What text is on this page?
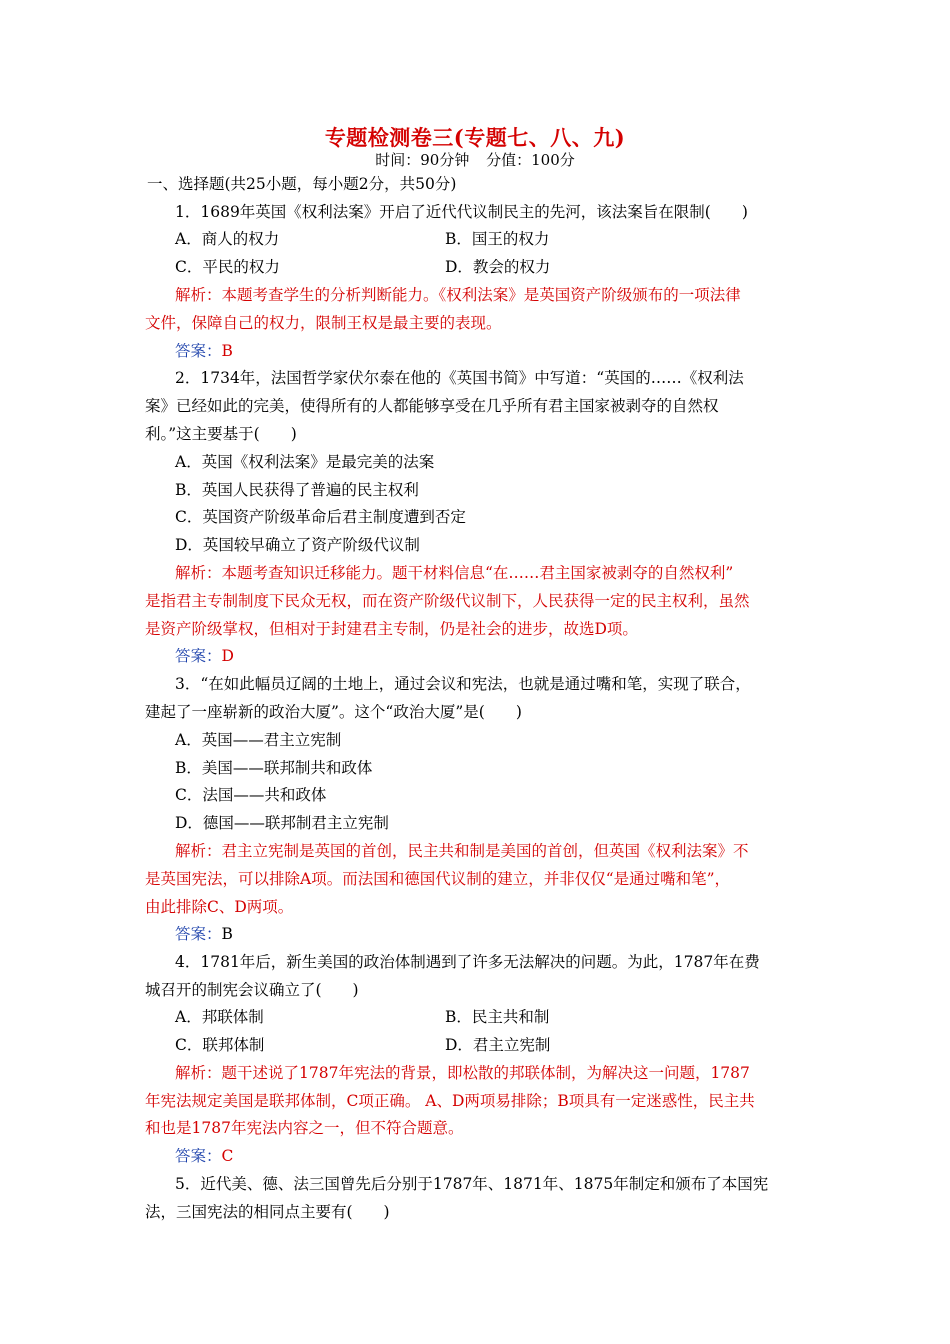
专题检测卷三(专题七、八、九)
时间：90分钟 分值：100分
一、选择题(共25小题，每小题2分，共50分)
1．1689年英国《权利法案》开启了近代代议制民主的先河，该法案旨在限制(　　)
A．商人的权力	B．国王的权力
C．平民的权力	D．教会的权力
解析：本题考查学生的分析判断能力。《权利法案》是英国资产阶级颁布的一项法律
文件，保障自己的权力，限制王权是最主要的表现。
答案：B
2．1734年，法国哲学家伏尔泰在他的《英国书简》中写道：“英国的……《权利法
案》已经如此的完美，使得所有的人都能够享受在几乎所有君主国家被剥夺的自然权
利。”这主要基于(　　)
A．英国《权利法案》是最完美的法案
B．英国人民获得了普遍的民主权利
C．英国资产阶级革命后君主制度遭到否定
D．英国较早确立了资产阶级代议制
解析：本题考查知识迁移能力。题干材料信息“在……君主国家被剥夺的自然权利”
是指君主专制制度下民众无权，而在资产阶级代议制下，人民获得一定的民主权利，虽然
是资产阶级掌权，但相对于封建君主专制，仍是社会的进步，故选D项。
答案：D
3．“在如此幅员辽阔的土地上，通过会议和宪法，也就是通过嘴和笔，实现了联合，
建起了一座崭新的政治大厦”。这个“政治大厦”是(　　)
A．英国——君主立宪制
B．美国——联邦制共和政体
C．法国——共和政体
D．德国——联邦制君主立宪制
解析：君主立宪制是英国的首创，民主共和制是美国的首创，但英国《权利法案》不
是英国宪法，可以排除A项。而法国和德国代议制的建立，并非仅仅“是通过嘴和笔”，
由此排除C、D两项。
答案：B
4．1781年后，新生美国的政治体制遇到了许多无法解决的问题。为此，1787年在费
城召开的制宪会议确立了(　　)
A．邦联体制	B．民主共和制
C．联邦体制	D．君主立宪制
解析：题干述说了1787年宪法的背景，即松散的邦联体制，为解决这一问题，1787
年宪法规定美国是联邦体制，C项正确。 A、D两项易排除；B项具有一定迷惑性，民主共
和也是1787年宪法内容之一，但不符合题意。
答案：C
5．近代美、德、法三国曾先后分别于1787年、1871年、1875年制定和颁布了本国宪
法，三国宪法的相同点主要有(　　)
